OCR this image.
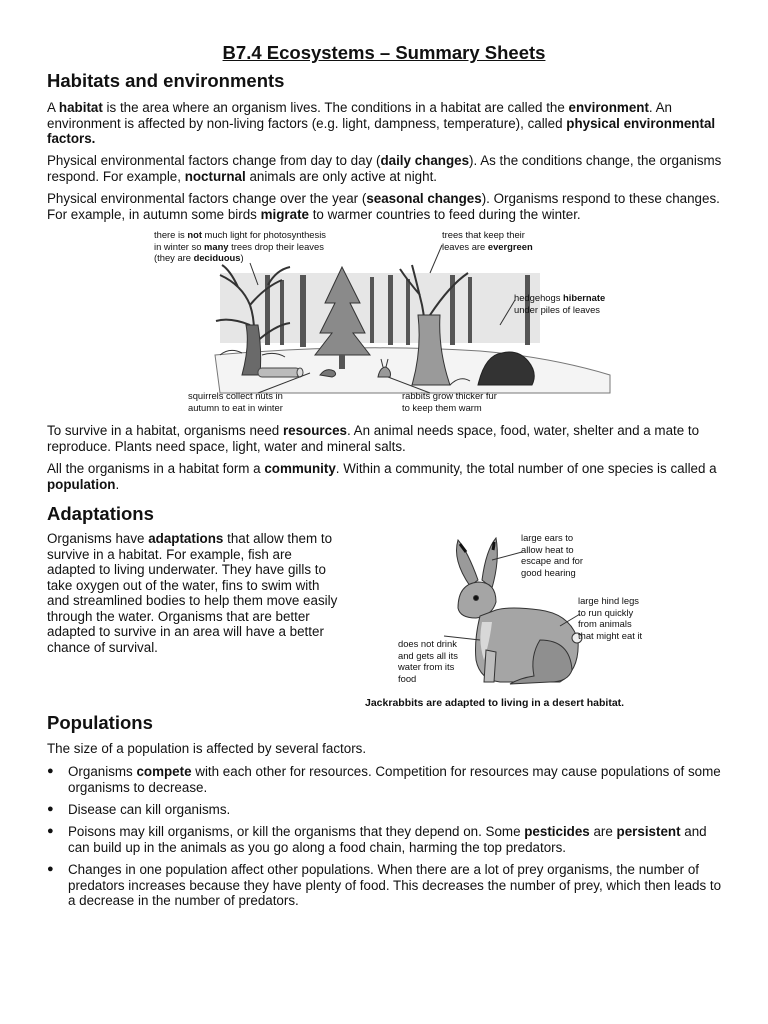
B7.4 Ecosystems – Summary Sheets
Habitats and environments
A habitat is the area where an organism lives. The conditions in a habitat are called the environment. An environment is affected by non-living factors (e.g. light, dampness, temperature), called physical environmental factors.
Physical environmental factors change from day to day (daily changes). As the conditions change, the organisms respond. For example, nocturnal animals are only active at night.
Physical environmental factors change over the year (seasonal changes). Organisms respond to these changes. For example, in autumn some birds migrate to warmer countries to feed during the winter.
there is not much light for photosynthesis
in winter so many trees drop their leaves
(they are deciduous)
trees that keep their
leaves are evergreen
hedgehogs hibernate
under piles of leaves
squirrels collect nuts in
autumn to eat in winter
rabbits grow thicker fur
to keep them warm
To survive in a habitat, organisms need resources. An animal needs space, food, water, shelter and a mate to reproduce. Plants need space, light, water and mineral salts.
All the organisms in a habitat form a community. Within a community, the total number of one species is called a population.
Adaptations
Organisms have adaptations that allow them to
survive in a habitat. For example, fish are
adapted to living underwater. They have gills to
take oxygen out of the water, fins to swim with
and streamlined bodies to help them move easily
through the water. Organisms that are better
adapted to survive in an area will have a better
chance of survival.
large ears to
allow heat to
escape and for
good hearing
large hind legs
to run quickly
from animals
that might eat it
does not drink
and gets all its
water from its
food
Jackrabbits are adapted to living in a desert habitat.
Populations
The size of a population is affected by several factors.
● Organisms compete with each other for resources. Competition for resources may cause populations of some organisms to decrease.
● Disease can kill organisms.
● Poisons may kill organisms, or kill the organisms that they depend on. Some pesticides are persistent and can build up in the animals as you go along a food chain, harming the top predators.
● Changes in one population affect other populations. When there are a lot of prey organisms, the number of predators increases because they have plenty of food. This decreases the number of prey, which then leads to a decrease in the number of predators.
